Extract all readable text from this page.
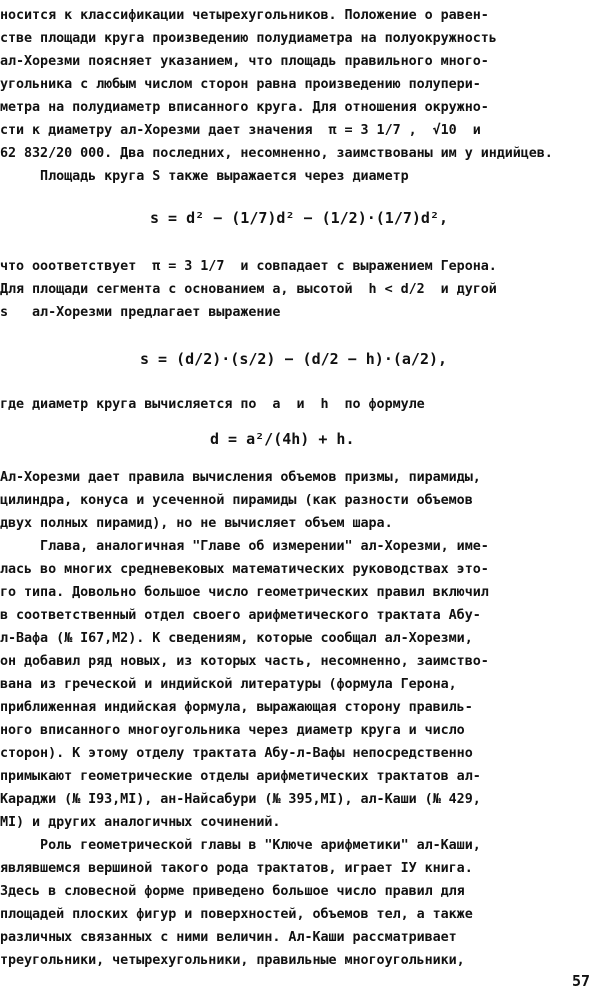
носится к классификации четырехугольников. Положение о равен-
стве площади круга произведению полудиаметра на полуокружность
ал-Хорезми поясняет указанием, что площадь правильного много-
угольника с любым числом сторон равна произведению полупери-
метра на полудиаметр вписанного круга. Для отношения окружно-
сти к диаметру ал-Хорезми дает значения  π = 3 1/7 ,  √10  и
62 832/20 000. Два последних, несомненно, заимствованы им у индийцев.
Площадь круга S также выражается через диаметр
s = d² − (1/7)d² − (1/2)·(1/7)d²,
что ооответствует  π = 3 1/7  и совпадает с выражением Герона.
Для площади сегмента с основанием a, высотой  h < d/2  и дугой
s   ал-Хорезми предлагает выражение
s = (d/2)·(s/2) − (d/2 − h)·(a/2),
где диаметр круга вычисляется по  a  и  h  по формуле
d = a²/(4h) + h.
Ал-Хорезми дает правила вычисления объемов призмы, пирамиды,
цилиндра, конуса и усеченной пирамиды (как разности объемов
двух полных пирамид), но не вычисляет объем шара.
Глава, аналогичная "Главе об измерении" ал-Хорезми, име-
лась во многих средневековых математических руководствах это-
го типа. Довольно большое число геометрических правил включил
в соответственный отдел своего арифметического трактата Абу-
л-Вафа (№ I67,M2). К сведениям, которые сообщал ал-Хорезми,
он добавил ряд новых, из которых часть, несомненно, заимство-
вана из греческой и индийской литературы (формула Герона,
приближенная индийская формула, выражающая сторону правиль-
ного вписанного многоугольника через диаметр круга и число
сторон). К этому отделу трактата Абу-л-Вафы непосредственно
примыкают геометрические отделы арифметических трактатов ал-
Караджи (№ I93,MI), ан-Найсабури (№ 395,MI), ал-Каши (№ 429,
MI) и других аналогичных сочинений.
Роль геометрической главы в "Ключе арифметики" ал-Каши,
являвшемся вершиной такого рода трактатов, играет IУ книга.
Здесь в словесной форме приведено большое число правил для
площадей плоских фигур и поверхностей, объемов тел, а также
различных связанных с ними величин. Ал-Каши рассматривает
треугольники, четырехугольники, правильные многоугольники,
57
